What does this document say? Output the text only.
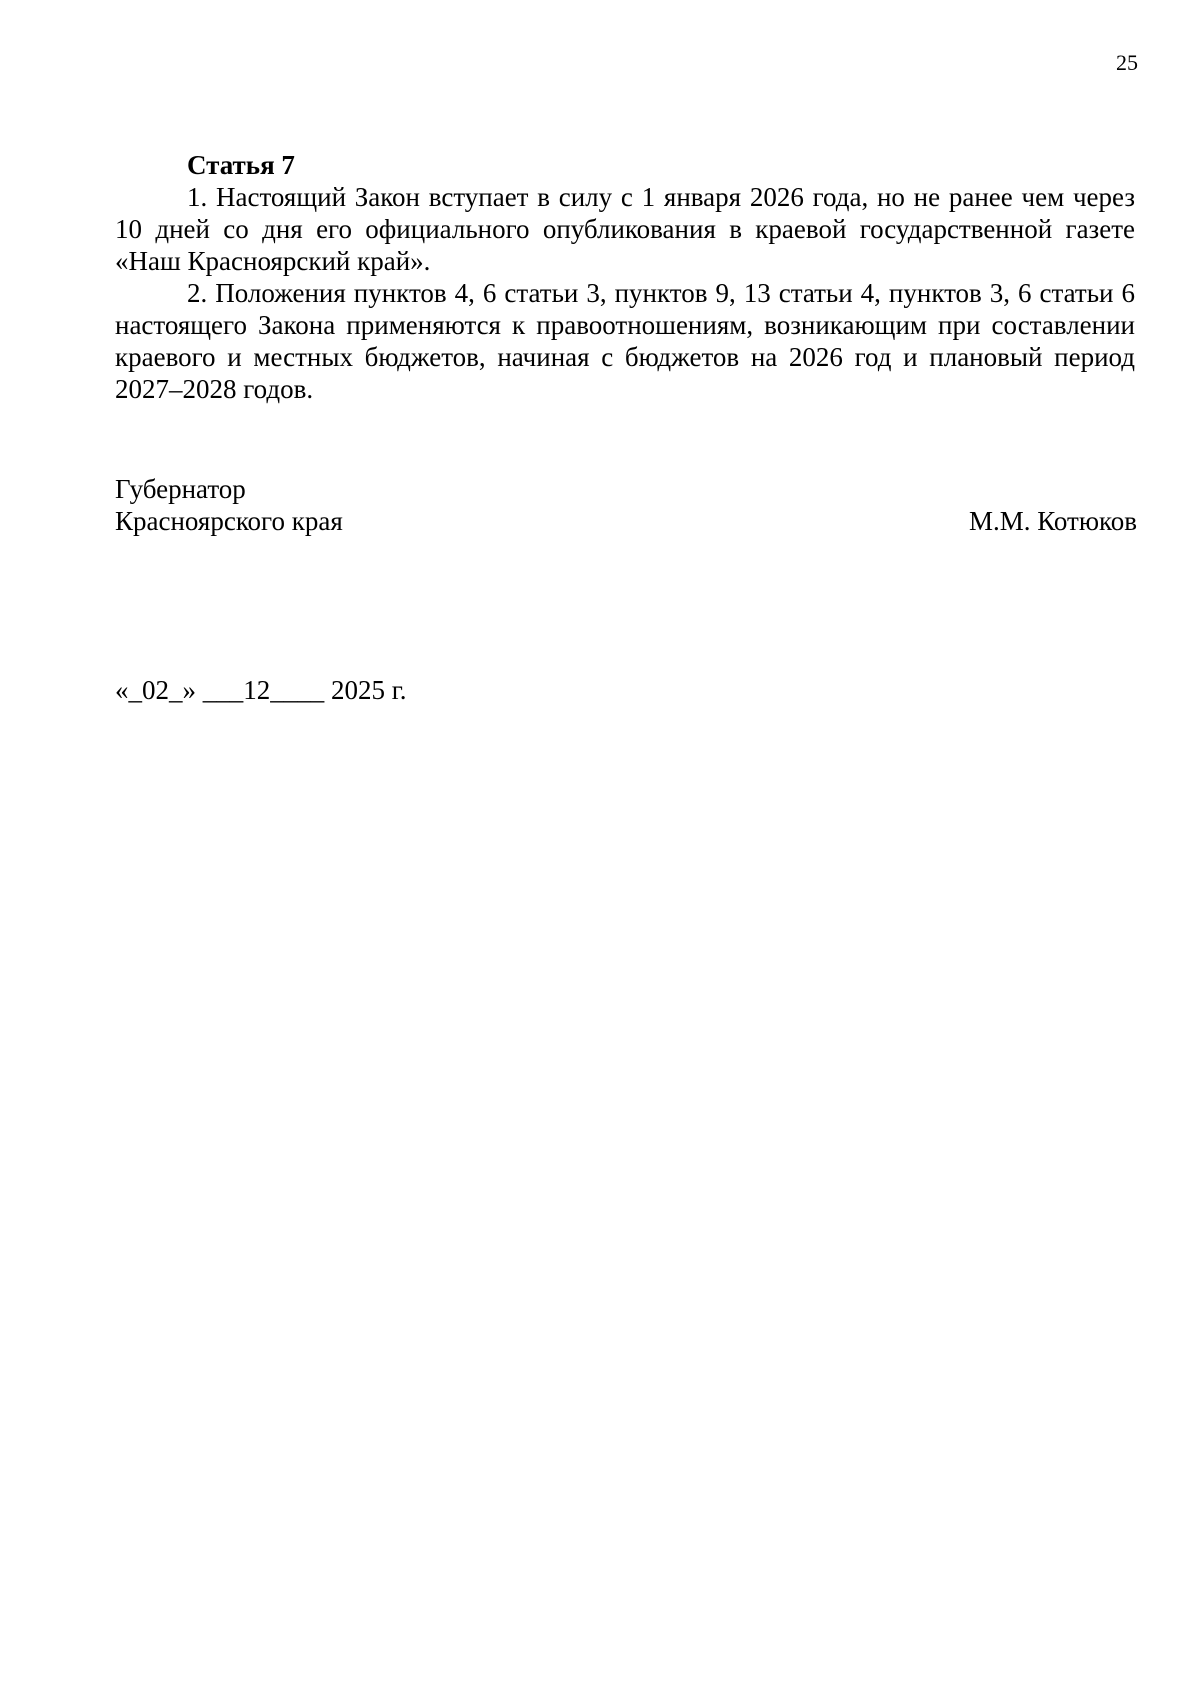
25

Статья 7

1. Настоящий Закон вступает в силу с 1 января 2026 года, но не ранее чем через 10 дней со дня его официального опубликования в краевой государственной газете «Наш Красноярский край».

2. Положения пунктов 4, 6 статьи 3, пунктов 9, 13 статьи 4, пунктов 3, 6 статьи 6 настоящего Закона применяются к правоотношениям, возникающим при составлении краевого и местных бюджетов, начиная с бюджетов на 2026 год и плановый период 2027–2028 годов.

Губернатор
Красноярского края	М.М. Котюков
«_02_» ___12____ 2025 г.
